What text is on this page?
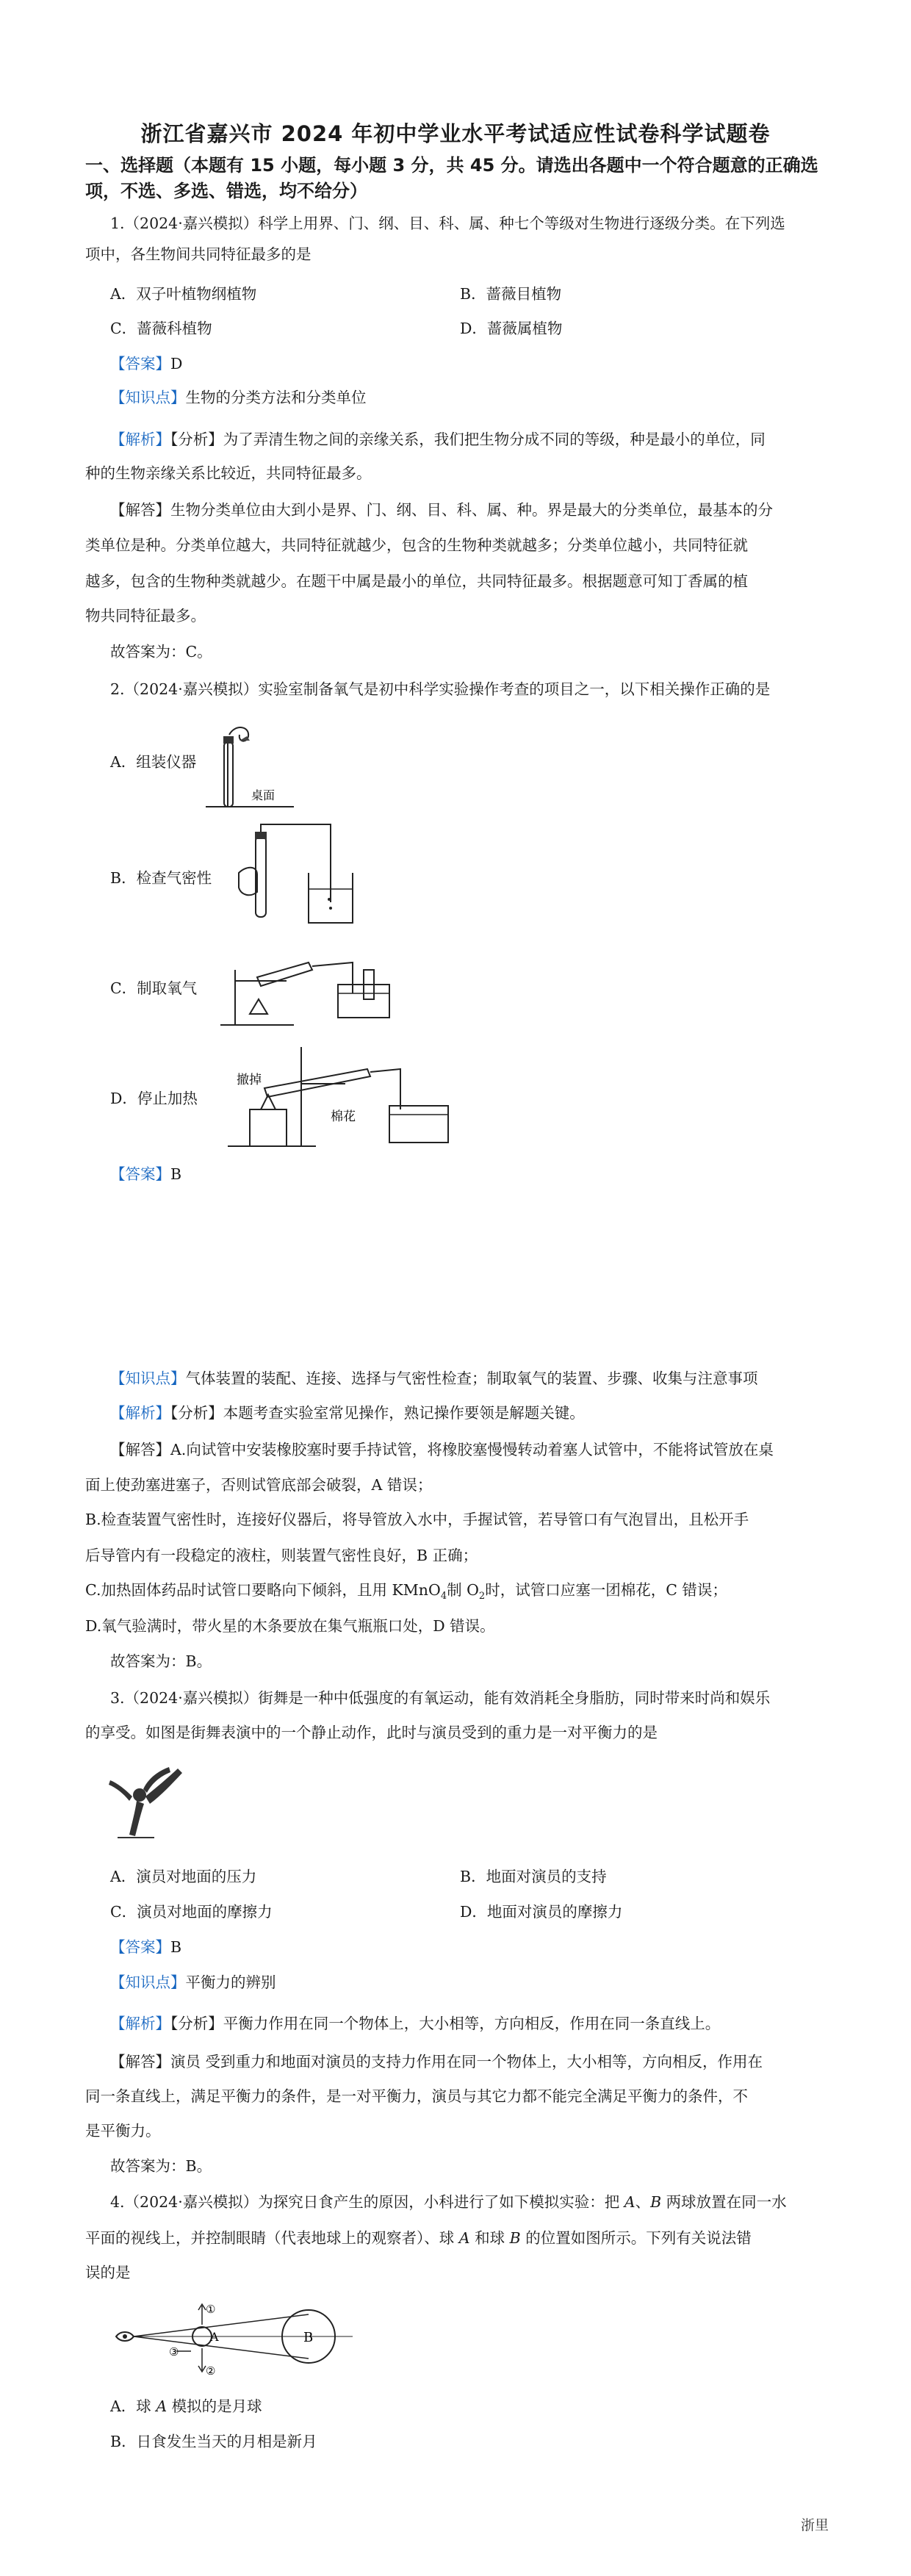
浙江省嘉兴市 2024 年初中学业水平考试适应性试卷科学试题卷
一、选择题（本题有 15 小题，每小题 3 分，共 45 分。请选出各题中一个符合题意的正确选
项，不选、多选、错选，均不给分）
1.（2024·嘉兴模拟）科学上用界、门、纲、目、科、属、种七个等级对生物进行逐级分类。在下列选
项中，各生物间共同特征最多的是
A．双子叶植物纲植物	B．蔷薇目植物
C．蔷薇科植物	D．蔷薇属植物
【答案】D
【知识点】生物的分类方法和分类单位
【解析】【分析】为了弄清生物之间的亲缘关系，我们把生物分成不同的等级，种是最小的单位，同
种的生物亲缘关系比较近，共同特征最多。
【解答】生物分类单位由大到小是界、门、纲、目、科、属、种。界是最大的分类单位，最基本的分
类单位是种。分类单位越大，共同特征就越少，包含的生物种类就越多；分类单位越小，共同特征就
越多，包含的生物种类就越少。在题干中属是最小的单位，共同特征最多。根据题意可知丁香属的植
物共同特征最多。
故答案为：C。
2.（2024·嘉兴模拟）实验室制备氧气是初中科学实验操作考查的项目之一，以下相关操作正确的是
A．组装仪器
桌面
B．检查气密性
C．制取氧气
D．停止加热
撤掉
棉花
【答案】B
【知识点】气体装置的装配、连接、选择与气密性检查；制取氧气的装置、步骤、收集与注意事项
【解析】【分析】本题考查实验室常见操作，熟记操作要领是解题关键。
【解答】A.向试管中安装橡胶塞时要手持试管，将橡胶塞慢慢转动着塞人试管中，不能将试管放在桌
面上使劲塞进塞子，否则试管底部会破裂，A 错误；
B.检查装置气密性时，连接好仪器后，将导管放入水中，手握试管，若导管口有气泡冒出，且松开手
后导管内有一段稳定的液柱，则装置气密性良好，B 正确；
C.加热固体药品时试管口要略向下倾斜，且用 KMnO$_4$制 $O_2$时，试管口应塞一团棉花，C 错误；
D.氧气验满时，带火星的木条要放在集气瓶瓶口处，D 错误。
故答案为：B。
3.（2024·嘉兴模拟）街舞是一种中低强度的有氧运动，能有效消耗全身脂肪，同时带来时尚和娱乐
的享受。如图是街舞表演中的一个静止动作，此时与演员受到的重力是一对平衡力的是
A．演员对地面的压力	B．地面对演员的支持
C．演员对地面的摩擦力	D．地面对演员的摩擦力
【答案】B
【知识点】平衡力的辨别
【解析】【分析】平衡力作用在同一个物体上，大小相等，方向相反，作用在同一条直线上。
【解答】演员 受到重力和地面对演员的支持力作用在同一个物体上，大小相等，方向相反，作用在
同一条直线上，满足平衡力的条件，是一对平衡力，演员与其它力都不能完全满足平衡力的条件，不
是平衡力。
故答案为：B。
4.（2024·嘉兴模拟）为探究日食产生的原因，小科进行了如下模拟实验：把 A、B 两球放置在同一水
平面的视线上，并控制眼睛（代表地球上的观察者）、球 A 和球 B 的位置如图所示。下列有关说法错
误的是
A	B
①
②
③
A．球 A 模拟的是月球
B．日食发生当天的月相是新月
浙里
